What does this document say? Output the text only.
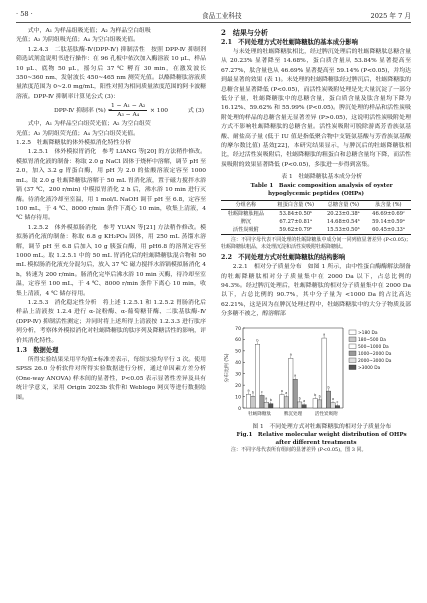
· 58 ·	食品工业科技	2025 年 7 月

式中，A₁ 为样品组吸光值；A₂ 为样品空白组吸

光值；A₃ 为阴组吸光值；A₄ 为空白组吸光值。

1.2.4.3　二肽基肽酶-Ⅳ(DPP-Ⅳ) 抑制活性　按照 DPP-Ⅳ 抑制剂筛选试剂盒说明书进行操作：在 96 孔板中依次加入酶溶液 10 μL、样品 10 μL、底物 50 μL，摇匀后 37 ℃ 孵育 30 min，在激发波长 350~360 nm、发射波长 450~465 nm 测荧光值。以酪降糖肽溶液质量浓度范围为 0~2.0 mg/mL，阳性对照为相同质量浓度范围的阿卡波糖溶液。DPP-Ⅳ 抑制率计算见公式 (3)：

DPP-Ⅳ 抑制率 (%) =
$\frac{\text{1 − A₁ − A₂}}{\text{A₃ − A₄}} \times 100$	式 (3)

式中，A₁ 为样品空白组荧光值；A₂ 为空白组荧

光值；A₃ 为阴组荧光值；A₄ 为空白组荧光值。

1.2.5　牡蛎降糖肽的体外模拟消化特性分析

1.2.5.1　体外模拟胃消化　参考 LIANG 等[20] 的方法稍作修改。模拟胃消化液的制备：称取 2.0 g NaCl 固体于烧杯中溶解，调节 pH 至 2.0，加入 3.2 g 胃蛋白酶，用 pH 为 2.0 的盐酸溶液定容至 1000 mL。取 2.0 g 牡蛎降糖肽溶解于 50 mL 胃消化液，置于磁力搅拌水浴锅 (37 ℃，200 r/min) 中模拟胃消化 2 h 后，沸水浴 10 min 进行灭酶。待消化液冷却至室温，用 1 mol/L NaOH 调节 pH 至 6.8，定容至 100 mL，于 4 ℃、8000 r/min 条件下离心 10 min，收集上清液，4 ℃ 储存待用。

1.2.5.2　体外模拟肠消化　参考 YUAN 等[21] 方法稍作修改。模拟肠消化液的制备：称取 6.8 g KH₂PO₄ 固体，用 250 mL 蒸馏水溶解，调节 pH 至 6.8 后加入 10 g 胰蛋白酶，用 pH6.8 的溶剂定容至 1000 mL。取 1.2.5.1 中的 50 mL 胃消化后的牡蛎降糖肽混合物和 50 mL 模拟肠消化液充分混匀后，放入 37 ℃ 磁力搅拌水浴锅模拟肠消化 4 h，转速为 200 r/min。肠消化完毕后沸水浴 10 min 灭酶，待冷却至室温，定容至 100 mL，于 4 ℃、8000 r/min 条件下离心 10 min，收集上清液，4 ℃ 储存待用。

1.2.5.3　消化稳定性分析　将上述 1.2.5.1 和 1.2.5.2 胃肠消化后样品上清液按 1.2.4 进行 α-淀粉酶、α-葡萄糖苷酶、二肽基肽酶-Ⅳ (DPP-Ⅳ) 抑制活性测定；并同时将上述所得上清液按 1.2.3.3 进行肽序列分析，考察体外模拟消化对牡蛎降糖肽的肽序列及降糖活性的影响，评价其消化特性。

1.3　数据处理

所得实验结果采用平均值±标准差表示，每组实验均平行 3 次。使用 SPSS 26.0 分析软件对所得实验数据进行分析，通过单因素方差分析 (One-way ANOVA) 样本间的显著性，P<0.05 表示显著性差异及具有统计学意义，采用 Origin 2023b 软件和 Weblogo 网页等进行数据绘图。

2　结果与分析

2.1　不同处理方式对牡蛎降糖肽的基本成分影响

与未处理的牡蛎降糖肽相比，经过脾沉处理后的牡蛎降糖肽总糖含量从 20.23% 显著降至 14.68%，蛋白质含量从 53.84% 显著提高至 67.27%，肽含量也从 46.69% 显著提高至 59.14% (P<0.05)，并均达到最显著的效果 (表 1)。未处理的牡蛎降糖肽经过脾沉后，牡蛎降糖肽的总糖含量显著降低 (P<0.05)，而活性炭吸附处理是先大量沉淀了一部分低分子量，牡蛎降糖肽中的总糖含量，蛋白质含量及肽含量均下降为 16.12%、59.62% 和 55.99% (P<0.05)。脾沉处理的样品和活性炭吸附处理的样品的总糖含量无显著差异 (P>0.05)，这说明活性炭吸附处理方式不影响牡蛎降糖肽的总糖含量。活性炭吸附可脱除游离芳香族氨基酸、耐盐高子量 (低于 IU 值是指低聚合物中支链氨基酸与芳香族氨基酸的摩尔数比值) 基效[22]，本研究结果显示，与脾沉后的牡蛎降糖肽相比，经过活性炭吸附后，牡蛎降糖肽的粗蛋白和总糖含量均下降，而活性炭吸附的效果显著降低 (P<0.05)，多肽进一步得到富集。

表 1　牡蛎降糖肽基本成分分析

Table 1　Basic composition analysis of oyster hypoglycemic peptides (OHPs)

分组名称	粗蛋白含量 (%)	总糖含量 (%)	肽含量 (%)
牡蛎降糖肽粗品	53.84±0.50ᵇ	20.23±0.38ᵃ	46.69±0.69ᶜ
脾沉	67.27±0.81ᵃ	14.68±0.54ᵇ	59.14±0.59ᵃ
活性炭吸附	59.62±0.79ᵇ	15.53±0.50ᵇ	60.45±0.33ᵃ

注：不同字母代表不同处理的牡蛎降糖肽中成分间一同列值显著差异 (P<0.05)；牡蛎降糖肽粗品，未处理沉淀和活性炭吸附牡蛎降糖肽。

2.2　不同处理方式对牡蛎降糖肽的结构影响

2.2.1　相对分子质量分布　如图 1 所示，由中性蛋白酶酶解法制备的牡蛎降糖肽相对分子质量集中在 2000 Da 以下，占总比例的 94.3%。经过脾沉处理后，牡蛎降糖肽的相对分子质量集中在 2000 Da 以下，占总比例的 90.7%，其中分子量为 <1000 Da 的占比高达 62.21%，这是因为在脾沉处理过程中，牡蛎降糖肽中的大分子物质及部分多糖不被之，醇溶解部

0
10
20
30
40
50
60
70
分布比例 (%)
a
b
b
c
a b
牡蛎降糖肽
a
a
a
a
b
a
脾沉处理
b b
a
b
a
c
活性炭吸附
>180 Da
180~500 Da
500~1000 Da
1000~2000 Da
2000~3000 Da
>3000 Da

图 1　不同处理方式对牡蛎降糖肽的相对分子质量分布

Fig.1　Relative molecular weight distribution of OHPs after different treatments

注：不同字母代表所有组间的显著差异 (P<0.05)，图 3 同。
